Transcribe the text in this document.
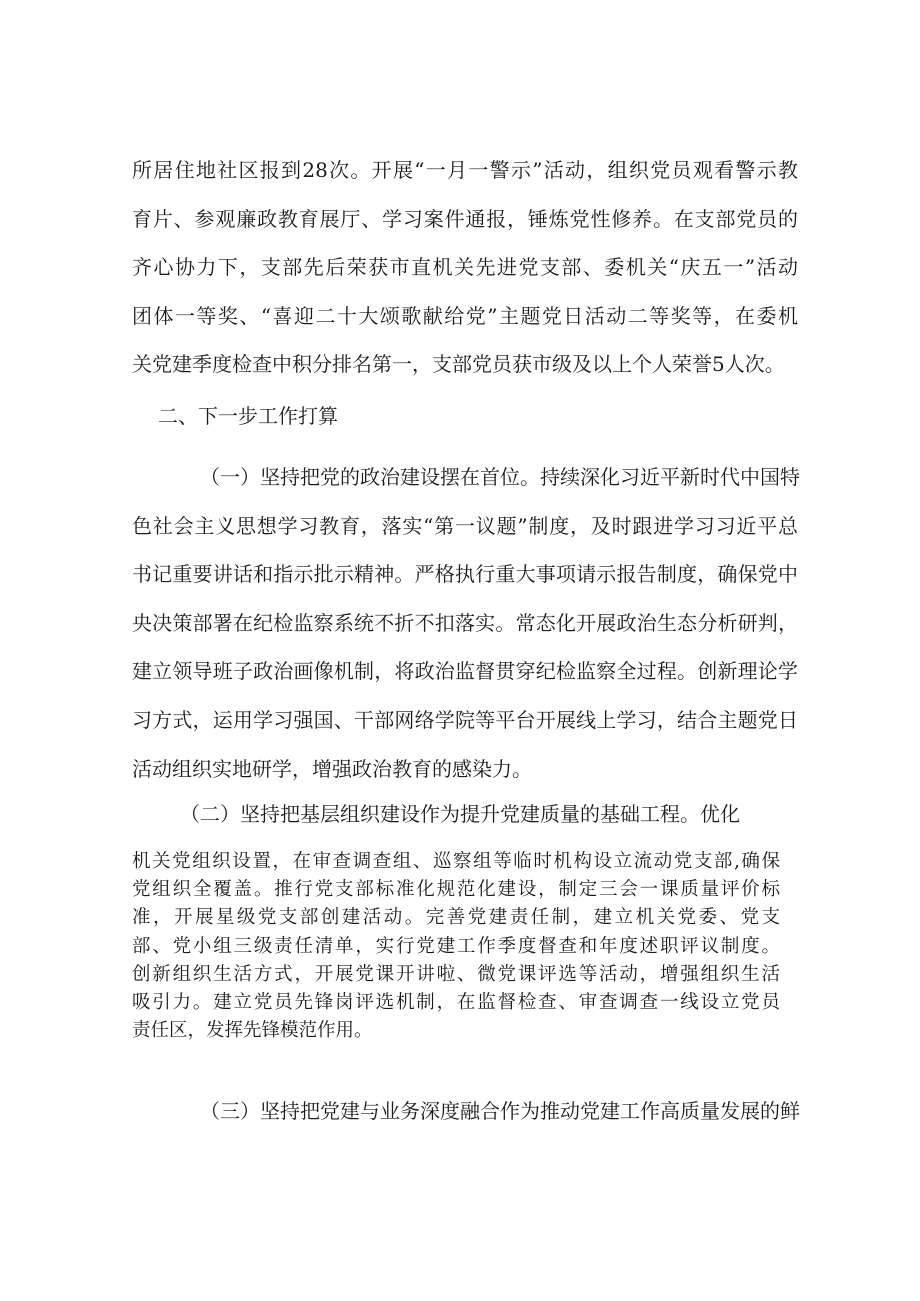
所居住地社区报到28次。开展“一月一警示”活动，组织党员观看警示教
育片、参观廉政教育展厅、学习案件通报，锤炼党性修养。在支部党员的
齐心协力下，支部先后荣获市直机关先进党支部、委机关“庆五一”活动
团体一等奖、“喜迎二十大颂歌献给党”主题党日活动二等奖等，在委机
关党建季度检查中积分排名第一，支部党员获市级及以上个人荣誉5人次。
二、下一步工作打算
（一）坚持把党的政治建设摆在首位。持续深化习近平新时代中国特
色社会主义思想学习教育，落实“第一议题”制度，及时跟进学习习近平总
书记重要讲话和指示批示精神。严格执行重大事项请示报告制度，确保党中
央决策部署在纪检监察系统不折不扣落实。常态化开展政治生态分析研判，
建立领导班子政治画像机制，将政治监督贯穿纪检监察全过程。创新理论学
习方式，运用学习强国、干部网络学院等平台开展线上学习，结合主题党日
活动组织实地研学，增强政治教育的感染力。
（二）坚持把基层组织建设作为提升党建质量的基础工程。优化
机关党组织设置，在审查调查组、巡察组等临时机构设立流动党支部,确保
党组织全覆盖。推行党支部标准化规范化建设，制定三会一课质量评价标
准，开展星级党支部创建活动。完善党建责任制，建立机关党委、党支
部、党小组三级责任清单，实行党建工作季度督查和年度述职评议制度。
创新组织生活方式，开展党课开讲啦、微党课评选等活动，增强组织生活
吸引力。建立党员先锋岗评选机制，在监督检查、审查调查一线设立党员
责任区，发挥先锋模范作用。
（三）坚持把党建与业务深度融合作为推动党建工作高质量发展的鲜
